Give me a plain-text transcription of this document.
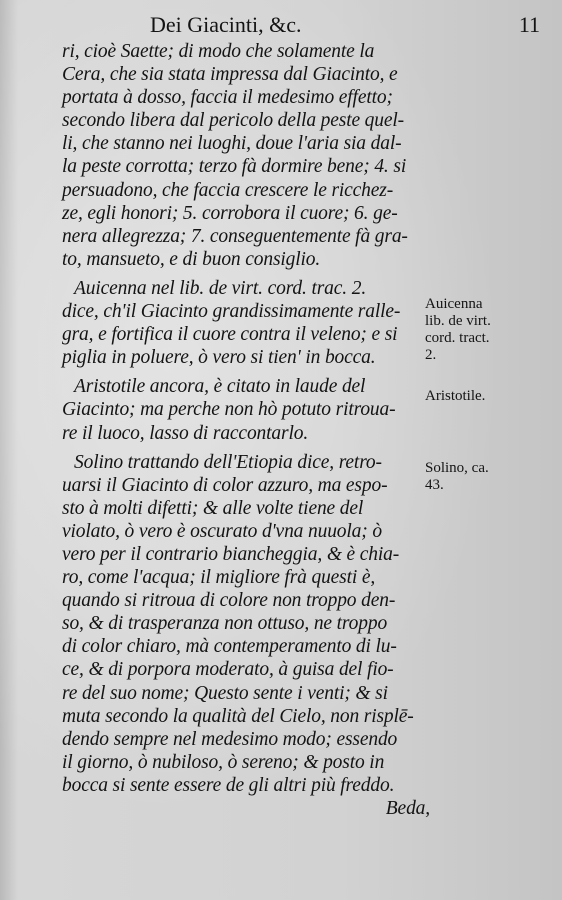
Dei Giacinti, &c.	11
ri, cioè Saette; di modo che solamente la
Cera, che sia stata impressa dal Giacinto, e
portata à dosso, faccia il medesimo effetto;
secondo libera dal pericolo della peste quel-
li, che stanno nei luoghi, doue l'aria sia dal-
la peste corrotta; terzo fà dormire bene; 4. si
persuadono, che faccia crescere le ricchez-
ze, egli honori; 5. corrobora il cuore; 6. ge-
nera allegrezza; 7. conseguentemente fà gra-
to, mansueto, e di buon consiglio.
Auicenna nel lib. de virt. cord. trac. 2.
dice, ch'il Giacinto grandissimamente ralle-
gra, e fortifica il cuore contra il veleno; e si
piglia in poluere, ò vero si tien' in bocca.
Aristotile ancora, è citato in laude del
Giacinto; ma perche non hò potuto ritroua-
re il luoco, lasso di raccontarlo.
Solino trattando dell'Etiopia dice, retro-
uarsi il Giacinto di color azzuro, ma espo-
sto à molti difetti; & alle volte tiene del
violato, ò vero è oscurato d'vna nuuola; ò
vero per il contrario biancheggia, & è chia-
ro, come l'acqua; il migliore frà questi è,
quando si ritroua di colore non troppo den-
so, & di trasperanza non ottuso, ne troppo
di color chiaro, mà contemperamento di lu-
ce, & di porpora moderato, à guisa del fio-
re del suo nome; Questo sente i venti; & si
muta secondo la qualità del Cielo, non risplē-
dendo sempre nel medesimo modo; essendo
il giorno, ò nubiloso, ò sereno; & posto in
bocca si sente essere de gli altri più freddo.
Beda,
Auicenna
lib. de virt.
cord. tract.
2.
Aristotile.
Solino, ca.
43.
